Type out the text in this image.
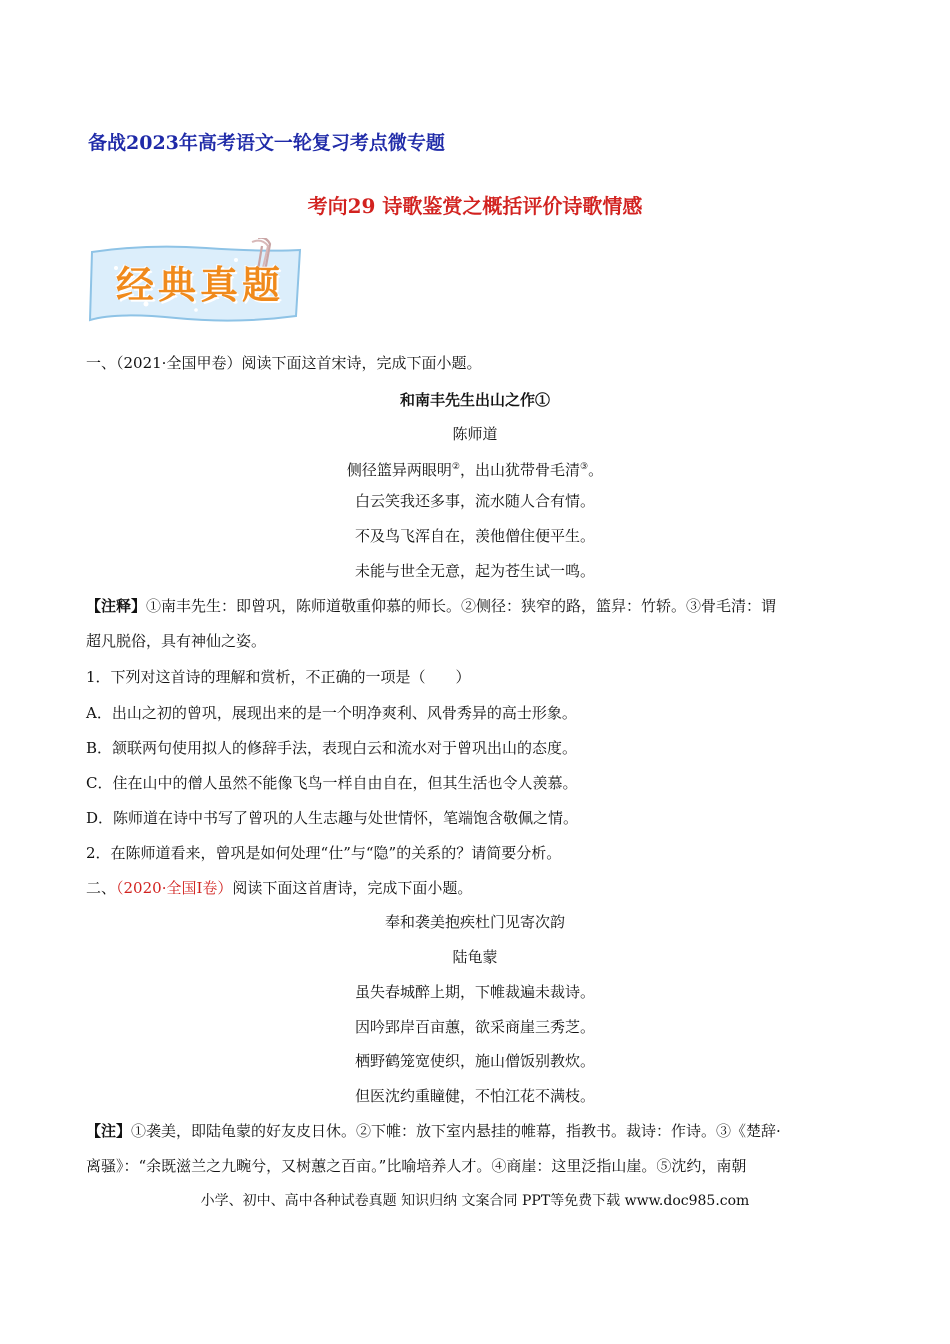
备战2023年高考语文一轮复习考点微专题
考向29 诗歌鉴赏之概括评价诗歌情感
经典真题
一、（2021·全国甲卷）阅读下面这首宋诗，完成下面小题。
和南丰先生出山之作①
陈师道
侧径篮异两眼明②，出山犹带骨毛清③。
白云笑我还多事，流水随人合有情。
不及鸟飞浑自在，羡他僧住便平生。
未能与世全无意，起为苍生试一鸣。
【注释】①南丰先生：即曾巩，陈师道敬重仰慕的师长。②侧径：狭窄的路，篮舁：竹轿。③骨毛清：谓
超凡脱俗，具有神仙之姿。
1．下列对这首诗的理解和赏析，不正确的一项是（　　）
A．出山之初的曾巩，展现出来的是一个明净爽利、风骨秀异的高士形象。
B．颔联两句使用拟人的修辞手法，表现白云和流水对于曾巩出山的态度。
C．住在山中的僧人虽然不能像飞鸟一样自由自在，但其生活也令人羡慕。
D．陈师道在诗中书写了曾巩的人生志趣与处世情怀，笔端饱含敬佩之情。
2．在陈师道看来，曾巩是如何处理“仕”与“隐”的关系的？请简要分析。
二、（2020·全国I卷）阅读下面这首唐诗，完成下面小题。
奉和袭美抱疾杜门见寄次韵
陆龟蒙
虽失春城醉上期，下帷裁遍未裁诗。
因吟郢岸百亩蕙，欲采商崖三秀芝。
栖野鹤笼宽使织，施山僧饭别教炊。
但医沈约重瞳健，不怕江花不满枝。
【注】①袭美，即陆龟蒙的好友皮日休。②下帷：放下室内悬挂的帷幕，指教书。裁诗：作诗。③《楚辞·
离骚》：“余既滋兰之九畹兮，又树蕙之百亩。”比喻培养人才。④商崖：这里泛指山崖。⑤沈约，南朝
小学、初中、高中各种试卷真题 知识归纳 文案合同 PPT等免费下载 www.doc985.com
